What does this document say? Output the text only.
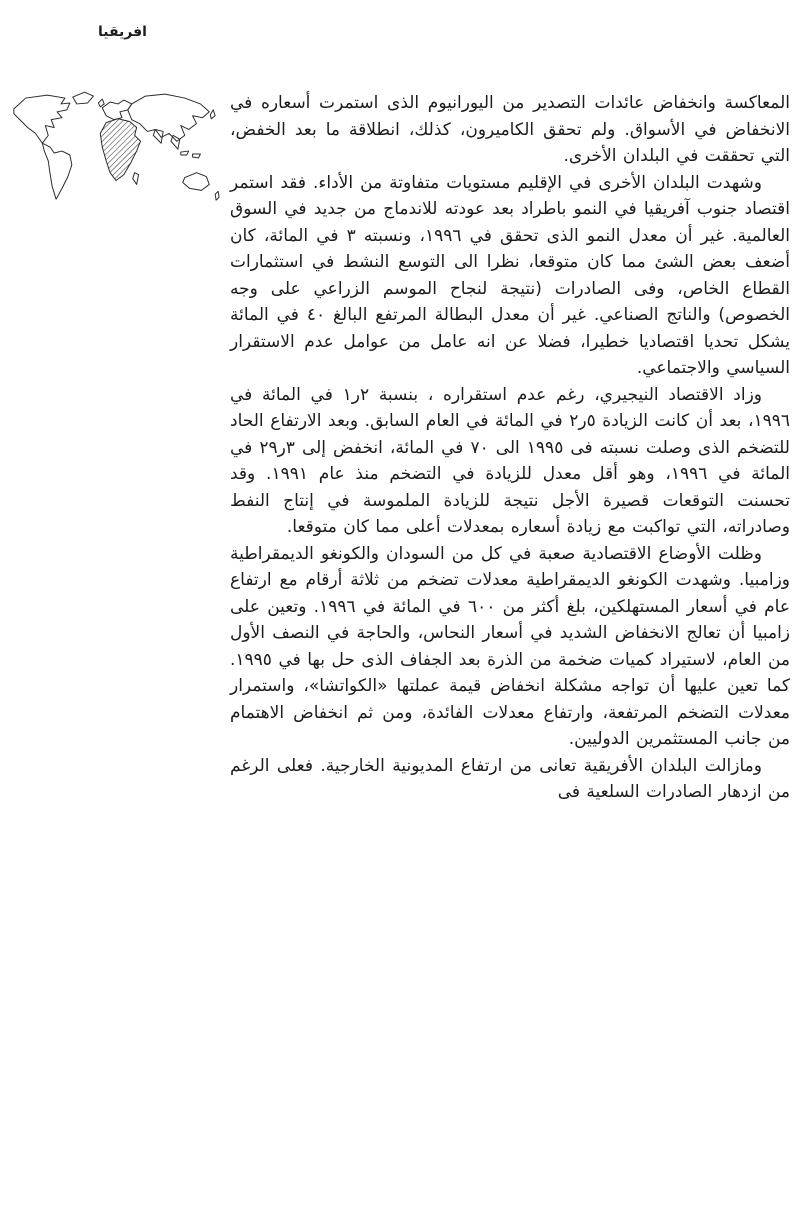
افريقيا

المعاكسة وانخفاض عائدات التصدير من اليورانيوم الذى استمرت أسعاره في الانخفاض في الأسواق. ولم تحقق الكاميرون، كذلك، انطلاقة ما بعد الخفض، التي تحققت في البلدان الأخرى.

وشهدت البلدان الأخرى في الإقليم مستويات متفاوتة من الأداء. فقد استمر اقتصاد جنوب آفريقيا في النمو باطراد بعد عودته للاندماج من جديد في السوق العالمية. غير أن معدل النمو الذى تحقق في ١٩٩٦، ونسبته ٣ في المائة، كان أضعف بعض الشئ مما كان متوقعا، نظرا الى التوسع النشط في استثمارات القطاع الخاص، وفى الصادرات (نتيجة لنجاح الموسم الزراعي على وجه الخصوص) والناتج الصناعي. غير أن معدل البطالة المرتفع البالغ ٤٠ في المائة يشكل تحديا اقتصاديا خطيرا، فضلا عن انه عامل من عوامل عدم الاستقرار السياسي والاجتماعي.

وزاد الاقتصاد النيجيري، رغم عدم استقراره ، بنسبة ٢ر١ في المائة في ١٩٩٦، بعد أن كانت الزيادة ٥ر٢ في المائة في العام السابق. وبعد الارتفاع الحاد للتضخم الذى وصلت نسبته فى ١٩٩٥ الى ٧٠ في المائة، انخفض إلى ٣ر٢٩ في المائة في ١٩٩٦، وهو أقل معدل للزيادة في التضخم منذ عام ١٩٩١. وقد تحسنت التوقعات قصيرة الأجل نتيجة للزيادة الملموسة في إنتاج النفط وصادراته، التي تواكبت مع زيادة أسعاره بمعدلات أعلى مما كان متوقعا.

وظلت الأوضاع الاقتصادية صعبة في كل من السودان والكونغو الديمقراطية وزامبيا. وشهدت الكونغو الديمقراطية معدلات تضخم من ثلاثة أرقام مع ارتفاع عام في أسعار المستهلكين، بلغ أكثر من ٦٠٠ في المائة في ١٩٩٦. وتعين على زامبيا أن تعالج الانخفاض الشديد في أسعار النحاس، والحاجة في النصف الأول من العام، لاستيراد كميات ضخمة من الذرة بعد الجفاف الذى حل بها في ١٩٩٥. كما تعين عليها أن تواجه مشكلة انخفاض قيمة عملتها «الكواتشا»، واستمرار معدلات التضخم المرتفعة، وارتفاع معدلات الفائدة، ومن ثم انخفاض الاهتمام من جانب المستثمرين الدوليين.

ومازالت البلدان الأفريقية تعانى من ارتفاع المديونية الخارجية. فعلى الرغم من ازدهار الصادرات السلعية فى
